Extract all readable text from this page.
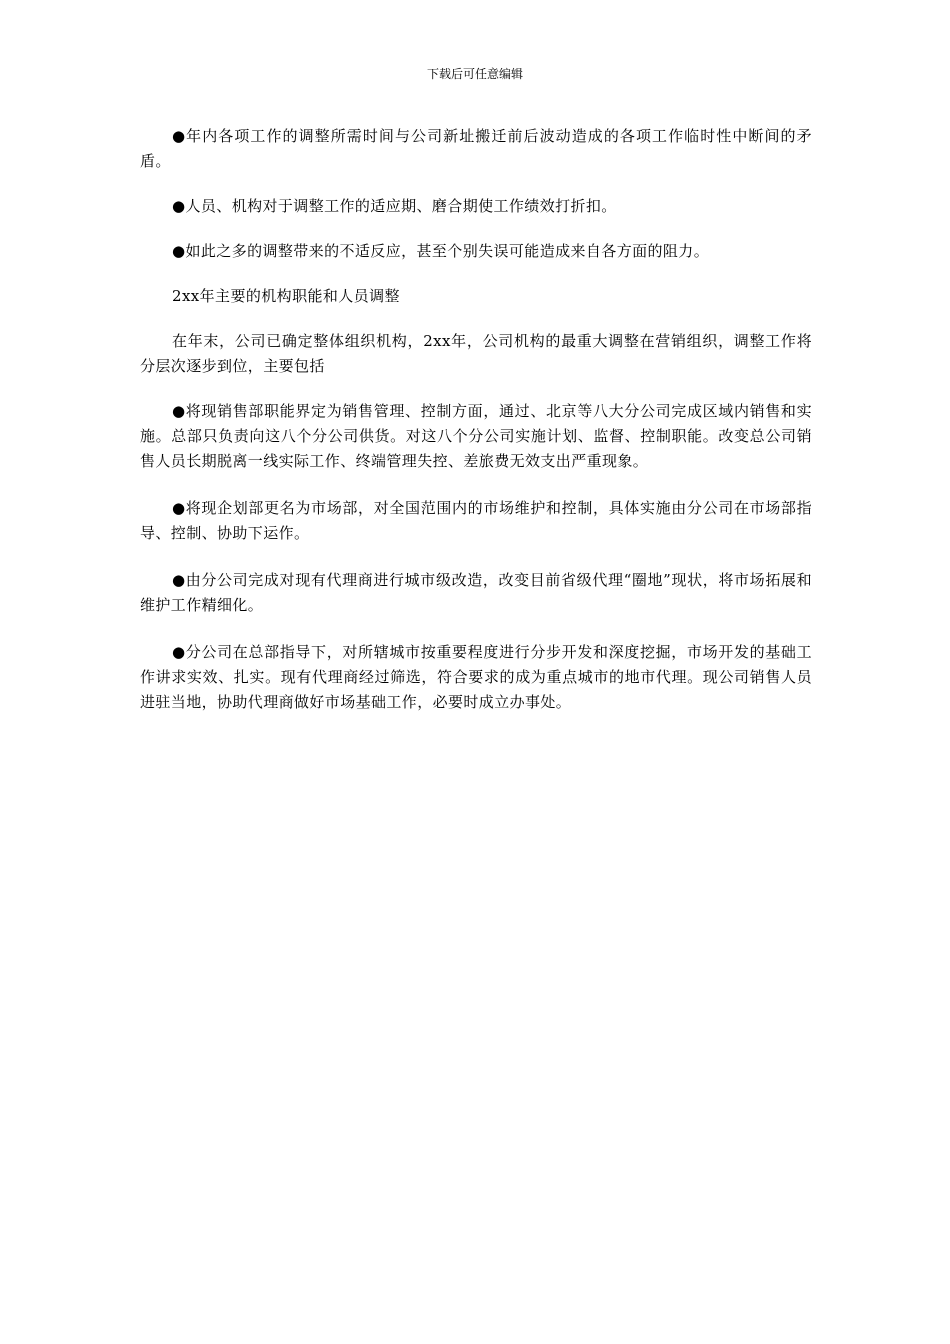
下载后可任意编辑

●年内各项工作的调整所需时间与公司新址搬迁前后波动造成的各项工作临时性中断间的矛盾。

●人员、机构对于调整工作的适应期、磨合期使工作绩效打折扣。

●如此之多的调整带来的不适反应，甚至个别失误可能造成来自各方面的阻力。

2xx年主要的机构职能和人员调整

在年末，公司已确定整体组织机构，2xx年，公司机构的最重大调整在营销组织，调整工作将分层次逐步到位，主要包括

●将现销售部职能界定为销售管理、控制方面，通过、北京等八大分公司完成区域内销售和实施。总部只负责向这八个分公司供货。对这八个分公司实施计划、监督、控制职能。改变总公司销售人员长期脱离一线实际工作、终端管理失控、差旅费无效支出严重现象。

●将现企划部更名为市场部，对全国范围内的市场维护和控制，具体实施由分公司在市场部指导、控制、协助下运作。

●由分公司完成对现有代理商进行城市级改造，改变目前省级代理“圈地”现状，将市场拓展和维护工作精细化。

●分公司在总部指导下，对所辖城市按重要程度进行分步开发和深度挖掘，市场开发的基础工作讲求实效、扎实。现有代理商经过筛选，符合要求的成为重点城市的地市代理。现公司销售人员进驻当地，协助代理商做好市场基础工作，必要时成立办事处。
